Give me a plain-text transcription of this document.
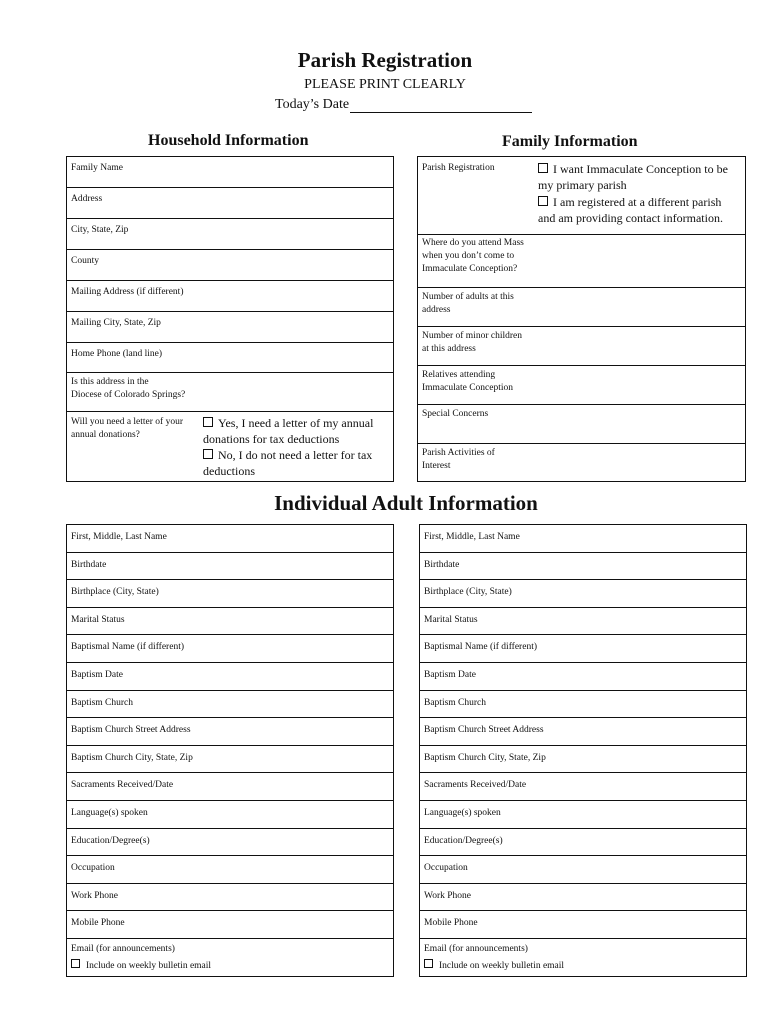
Parish Registration
PLEASE PRINT CLEARLY
Today’s Date
Household Information	Family Information
Family Name
Address
City, State, Zip
County
Mailing Address (if different)
Mailing City, State, Zip
Home Phone (land line)
Is this address in the
Diocese of Colorado Springs?
Will you need a letter of your
annual donations?
Yes, I need a letter of my annual
donations for tax deductions
No, I do not need a letter for tax
deductions
Parish Registration	I want Immaculate Conception to be
my primary parish
I am registered at a different parish
and am providing contact information.
Where do you attend Mass
when you don’t come to
Immaculate Conception?
Number of adults at this
address
Number of minor children
at this address
Relatives attending
Immaculate Conception
Special Concerns
Parish Activities of
Interest
Individual Adult Information
First, Middle, Last Name
Birthdate
Birthplace (City, State)
Marital Status
Baptismal Name (if different)
Baptism Date
Baptism Church
Baptism Church Street Address
Baptism Church City, State, Zip
Sacraments Received/Date
Language(s) spoken
Education/Degree(s)
Occupation
Work Phone
Mobile Phone
Email (for announcements)
Include on weekly bulletin email
First, Middle, Last Name
Birthdate
Birthplace (City, State)
Marital Status
Baptismal Name (if different)
Baptism Date
Baptism Church
Baptism Church Street Address
Baptism Church City, State, Zip
Sacraments Received/Date
Language(s) spoken
Education/Degree(s)
Occupation
Work Phone
Mobile Phone
Email (for announcements)
Include on weekly bulletin email
